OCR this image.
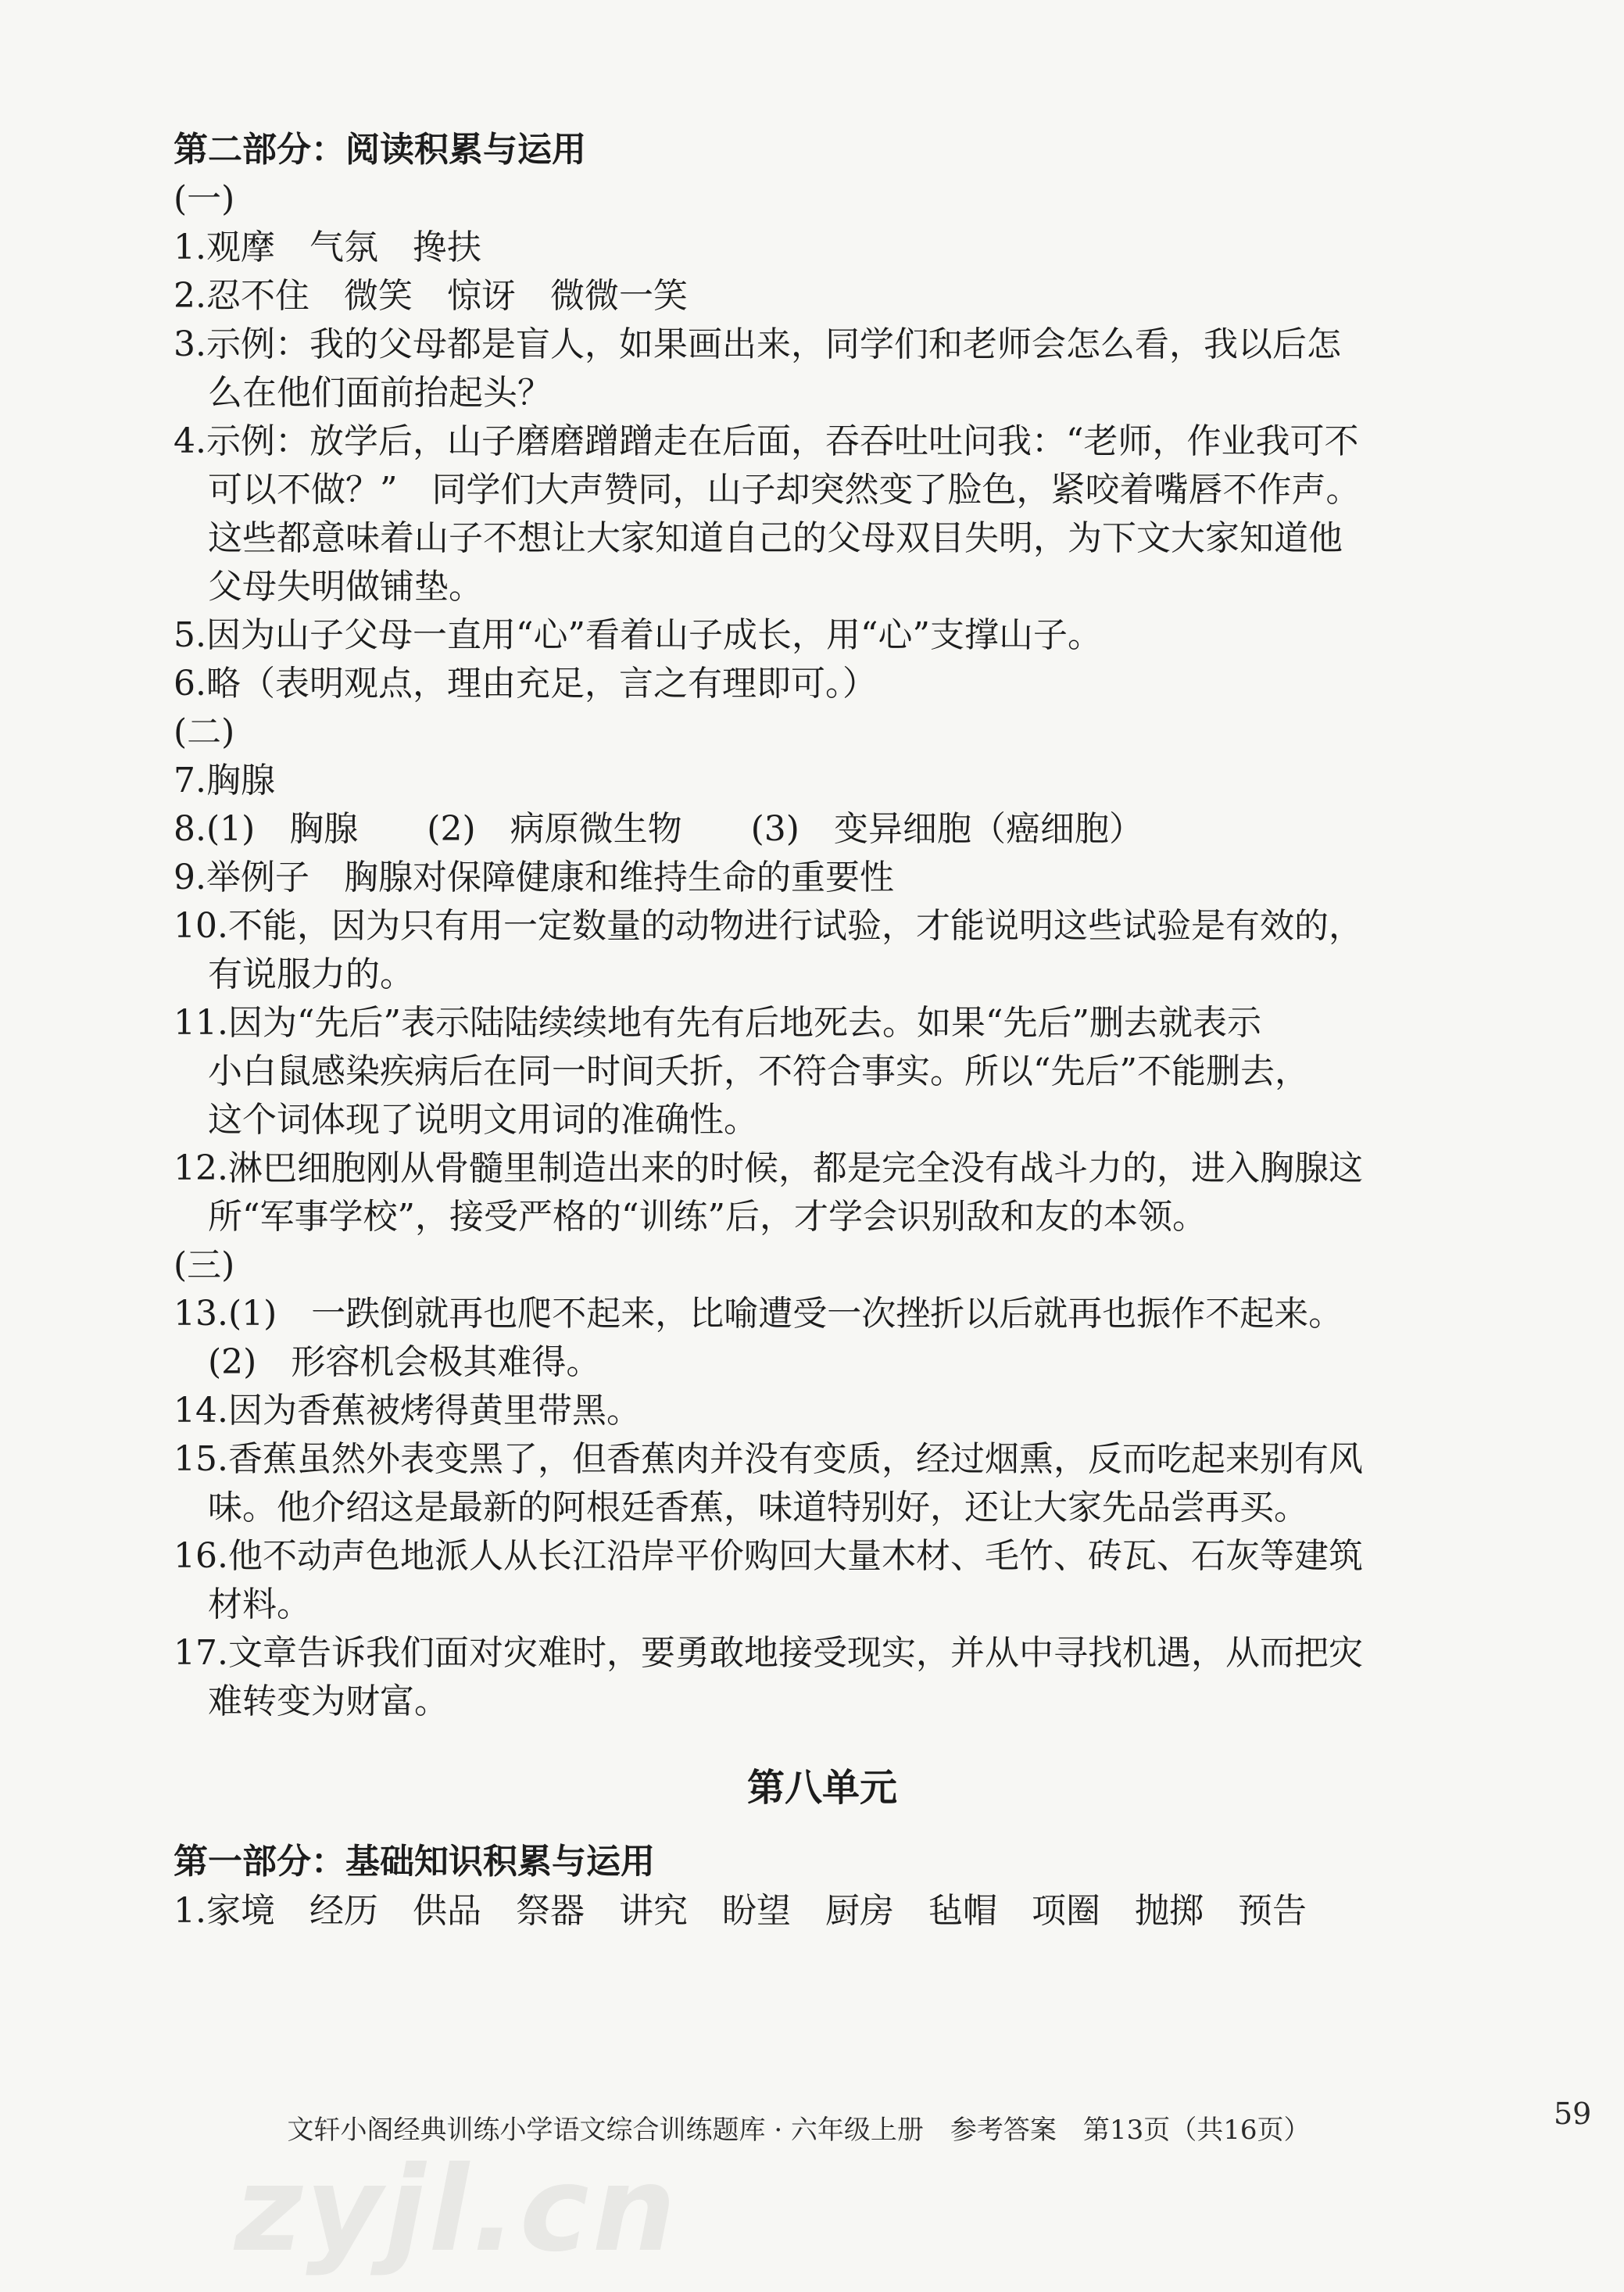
第二部分：阅读积累与运用

(一)

1.观摩　气氛　搀扶

2.忍不住　微笑　惊讶　微微一笑

3.示例：我的父母都是盲人，如果画出来，同学们和老师会怎么看，我以后怎
么在他们面前抬起头？

4.示例：放学后，山子磨磨蹭蹭走在后面，吞吞吐吐问我：“老师，作业我可不
可以不做？”　同学们大声赞同，山子却突然变了脸色，紧咬着嘴唇不作声。
这些都意味着山子不想让大家知道自己的父母双目失明，为下文大家知道他
父母失明做铺垫。

5.因为山子父母一直用“心”看着山子成长，用“心”支撑山子。

6.略（表明观点，理由充足，言之有理即可。）

(二)

7.胸腺

8.(1)　胸腺　　(2)　病原微生物　　(3)　变异细胞（癌细胞）

9.举例子　胸腺对保障健康和维持生命的重要性

10.不能，因为只有用一定数量的动物进行试验，才能说明这些试验是有效的，
有说服力的。

11.因为“先后”表示陆陆续续地有先有后地死去。如果“先后”删去就表示
小白鼠感染疾病后在同一时间夭折，不符合事实。所以“先后”不能删去，
这个词体现了说明文用词的准确性。

12.淋巴细胞刚从骨髓里制造出来的时候，都是完全没有战斗力的，进入胸腺这
所“军事学校”，接受严格的“训练”后，才学会识别敌和友的本领。

(三)

13.(1)　一跌倒就再也爬不起来，比喻遭受一次挫折以后就再也振作不起来。

(2)　形容机会极其难得。

14.因为香蕉被烤得黄里带黑。

15.香蕉虽然外表变黑了，但香蕉肉并没有变质，经过烟熏，反而吃起来别有风
味。他介绍这是最新的阿根廷香蕉，味道特别好，还让大家先品尝再买。

16.他不动声色地派人从长江沿岸平价购回大量木材、毛竹、砖瓦、石灰等建筑
材料。

17.文章告诉我们面对灾难时，要勇敢地接受现实，并从中寻找机遇，从而把灾
难转变为财富。

第八单元

第一部分：基础知识积累与运用

1.家境　经历　供品　祭器　讲究　盼望　厨房　毡帽　项圈　抛掷　预告

zyjl.cn
文轩小阁经典训练小学语文综合训练题库 · 六年级上册　参考答案　第13页（共16页）	59
